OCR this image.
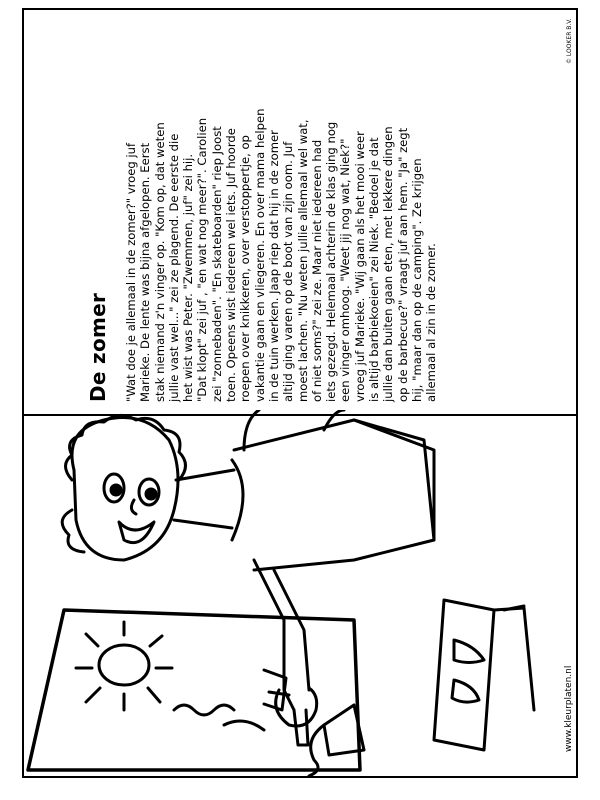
De zomer "Wat doe je allemaal in de zomer?" vroeg juf Marieke. De lente was bijna afgelopen. Eerst stak niemand z'n vinger op. "Kom op, dat weten jullie vast wel..." zei ze plagend. De eerste die het wist was Peter. "Zwemmen, juf" zei hij. "Dat klopt" zei juf , "en wat nog meer?". Carolien zei "zonnebaden". "En skateboarden" riep Joost toen. Opeens wist iedereen wel iets. Juf hoorde roepen over knikkeren, over verstoppertje, op vakantie gaan en vliegeren. En over mama helpen in de tuin werken. Jaap riep dat hij in de zomer altijd ging varen op de boot van zijn oom. Juf moest lachen. "Nu weten jullie allemaal wel wat, of niet soms?" zei ze. Maar niet iedereen had iets gezegd. Helemaal achterin de klas ging nog een vinger omhoog. "Weet jij nog wat, Niek?" vroeg juf Marieke. "Wij gaan als het mooi weer is altijd barbiekoeien" zei Niek. "Bedoel je dat jullie dan buiten gaan eten, met lekkere dingen op de barbecue?" vraagt juf aan hem. "Ja" zegt hij, "maar dan op de camping". Ze krijgen allemaal al zin in de zomer.

© LOOKER B.V.
www.kleurplaten.nl
